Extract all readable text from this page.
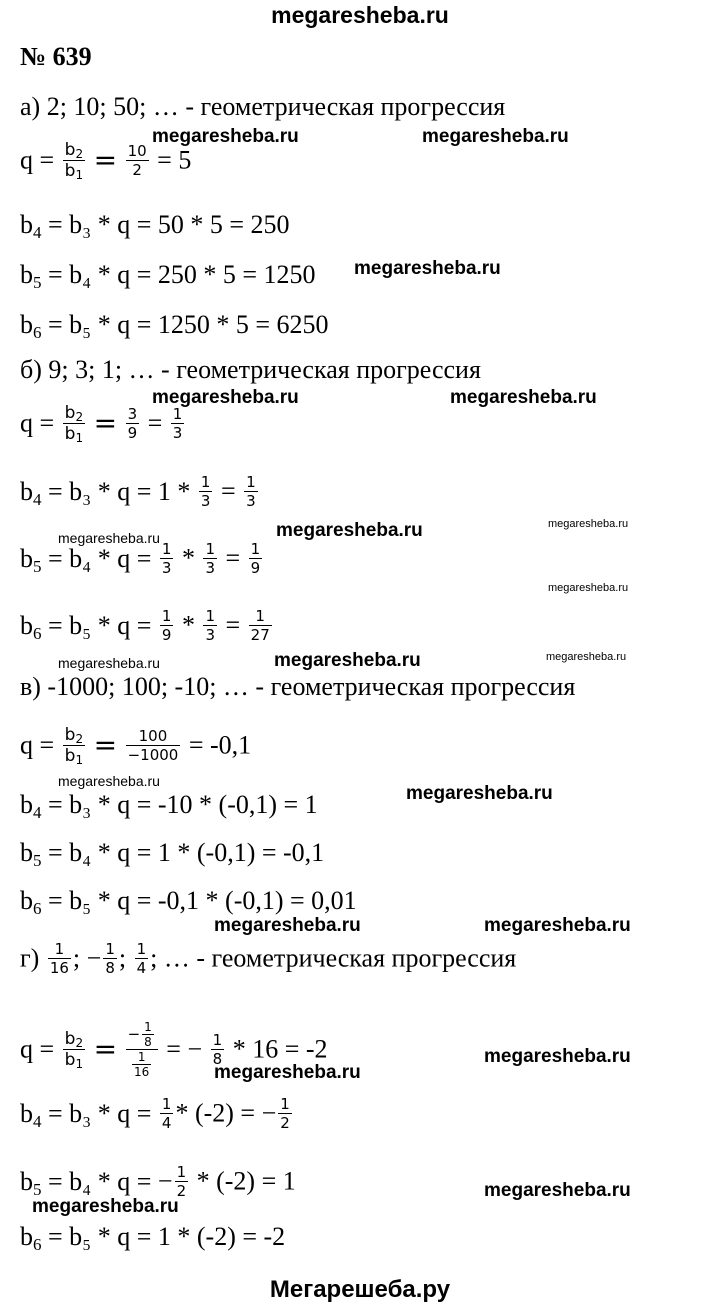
megaresheba.ru
№ 639
а) 2; 10; 50; … - геометрическая прогрессия
$q = \frac{b_2}{b_1} = \frac{10}{2} = 5$
$b_4 = b_3 * q = 50 * 5 = 250$
$b_5 = b_4 * q = 250 * 5 = 1250$
$b_6 = b_5 * q = 1250 * 5 = 6250$
б) 9; 3; 1; … - геометрическая прогрессия
$q = \frac{b_2}{b_1} = \frac{3}{9} = \frac{1}{3}$
$b_4 = b_3 * q = 1 * \frac{1}{3} = \frac{1}{3}$
$b_5 = b_4 * q = \frac{1}{3} * \frac{1}{3} = \frac{1}{9}$
$b_6 = b_5 * q = \frac{1}{9} * \frac{1}{3} = \frac{1}{27}$
в) -1000; 100; -10; … - геометрическая прогрессия
$q = \frac{b_2}{b_1} = \frac{100}{-1000} = -0,1$
$b_4 = b_3 * q = -10 * (-0,1) = 1$
$b_5 = b_4 * q = 1 * (-0,1) = -0,1$
$b_6 = b_5 * q = -0,1 * (-0,1) = 0,01$
$г) \frac{1}{16}$ ; − $\frac{1}{8}$ ; $\frac{1}{4}$ ; … - геометрическая прогрессия
$q = \frac{b_2}{b_1} = \frac{- \frac{1}{8}}{\frac{1}{16}}$ = − $\frac{1}{8} * 16 = -2$
$b_4 = b_3 * q = \frac{1}{4} * (-2)$ = − $\frac{1}{2}$
$b_5 = b_4 * q$ = − $\frac{1}{2} * (-2) = 1$
$b_6 = b_5 * q = 1 * (-2) = -2$
megaresheba.ru	megaresheba.ru
megaresheba.ru
megaresheba.ru	megaresheba.ru
megaresheba.ru	megaresheba.ru	megaresheba.ru
megaresheba.ru
megaresheba.ru	megaresheba.ru	megaresheba.ru
megaresheba.ru
megaresheba.ru
megaresheba.ru	megaresheba.ru
megaresheba.ru
megaresheba.ru
megaresheba.ru
megaresheba.ru
Мегарешеба.ру
